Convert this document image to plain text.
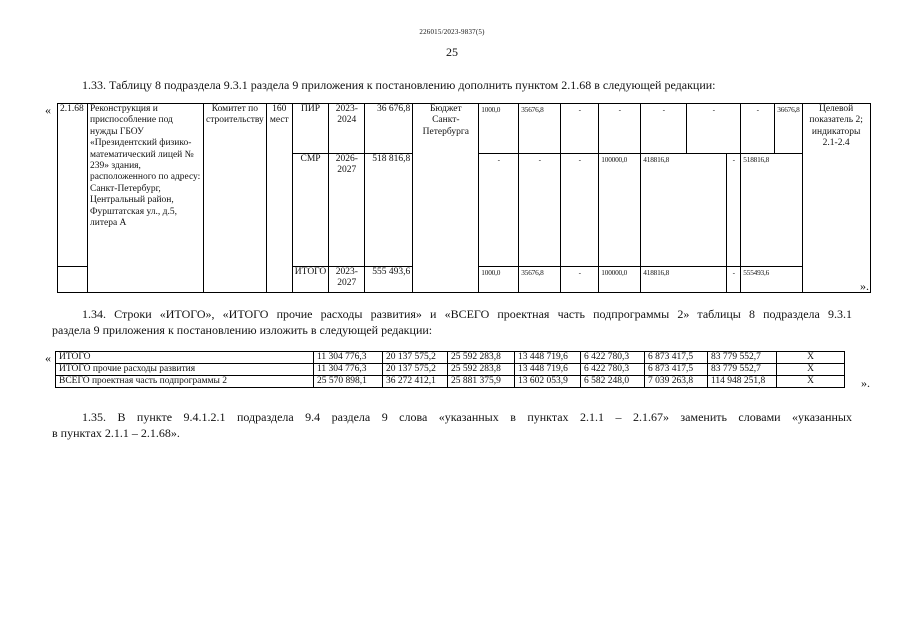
226015/2023-9837(5)
25
1.33. Таблицу 8 подраздела 9.3.1 раздела 9 приложения к постановлению дополнить пунктом 2.1.68 в следующей редакции:
« 2.1.68	Реконструкция и приспособление под нужды ГБОУ «Президентский физико-математический лицей № 239» здания, расположенного по адресу: Санкт-Петербург, Центральный район, Фурштатская ул., д.5, литера А	Комитет по строительству	160 мест	ПИР	2023-2024	36 676,8	Бюджет Санкт-Петербурга	1000,0	35676,8	-	-	-	-		-	36676,8	Целевой показатель 2; индикаторы 2.1-2.4
				СМР	2026-2027	518 816,8		-	-	-	100000,0	418816,8		-	518816,8		
				ИТОГО	2023-2027	555 493,6		1000,0	35676,8	-	100000,0	418816,8		-	555493,6		
».
1.34. Строки «ИТОГО», «ИТОГО прочие расходы развития» и «ВСЕГО проектная часть подпрограммы 2» таблицы 8 подраздела 9.3.1
раздела 9 приложения к постановлению изложить в следующей редакции:
« ИТОГО	11 304 776,3	20 137 575,2	25 592 283,8	13 448 719,6	6 422 780,3	6 873 417,5	83 779 552,7	Х
ИТОГО прочие расходы развития	11 304 776,3	20 137 575,2	25 592 283,8	13 448 719,6	6 422 780,3	6 873 417,5	83 779 552,7	Х
ВСЕГО проектная часть подпрограммы 2	25 570 898,1	36 272 412,1	25 881 375,9	13 602 053,9	6 582 248,0	7 039 263,8	114 948 251,8	Х	».
1.35. В пункте 9.4.1.2.1 подраздела 9.4 раздела 9 слова «указанных в пунктах 2.1.1 – 2.1.67» заменить словами «указанных
в пунктах 2.1.1 – 2.1.68».
